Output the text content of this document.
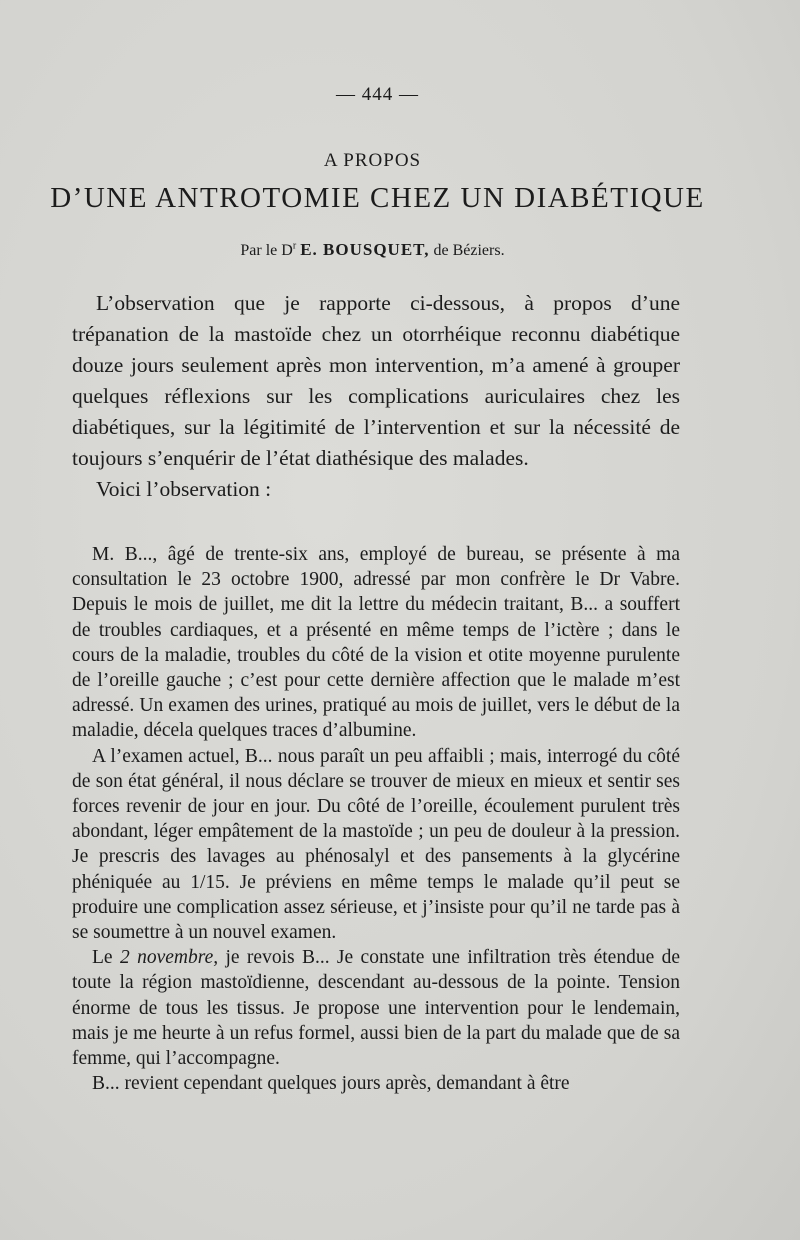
— 444 —
A PROPOS
D’UNE ANTROTOMIE CHEZ UN DIABÉTIQUE
Par le $D^r$ E. BOUSQUET, de Béziers.

L’observation que je rapporte ci-dessous, à propos d’une trépanation de la mastoïde chez un otorrhéique reconnu diabétique douze jours seulement après mon intervention, m’a amené à grouper quelques réflexions sur les complications auriculaires chez les diabétiques, sur la légitimité de l’intervention et sur la nécessité de toujours s’enquérir de l’état diathésique des malades.

Voici l’observation :

M. B..., âgé de trente-six ans, employé de bureau, se présente à ma consultation le 23 octobre 1900, adressé par mon confrère le Dr Vabre. Depuis le mois de juillet, me dit la lettre du médecin traitant, B... a souffert de troubles cardiaques, et a présenté en même temps de l’ictère ; dans le cours de la maladie, troubles du côté de la vision et otite moyenne purulente de l’oreille gauche ; c’est pour cette dernière affection que le malade m’est adressé. Un examen des urines, pratiqué au mois de juillet, vers le début de la maladie, décela quelques traces d’albumine.

A l’examen actuel, B... nous paraît un peu affaibli ; mais, interrogé du côté de son état général, il nous déclare se trouver de mieux en mieux et sentir ses forces revenir de jour en jour. Du côté de l’oreille, écoulement purulent très abondant, léger empâtement de la mastoïde ; un peu de douleur à la pression. Je prescris des lavages au phénosalyl et des pansements à la glycérine phéniquée au 1/15. Je préviens en même temps le malade qu’il peut se produire une complication assez sérieuse, et j’insiste pour qu’il ne tarde pas à se soumettre à un nouvel examen.

Le 2 novembre, je revois B... Je constate une infiltration très étendue de toute la région mastoïdienne, descendant au-dessous de la pointe. Tension énorme de tous les tissus. Je propose une intervention pour le lendemain, mais je me heurte à un refus formel, aussi bien de la part du malade que de sa femme, qui l’accompagne.

B... revient cependant quelques jours après, demandant à être
